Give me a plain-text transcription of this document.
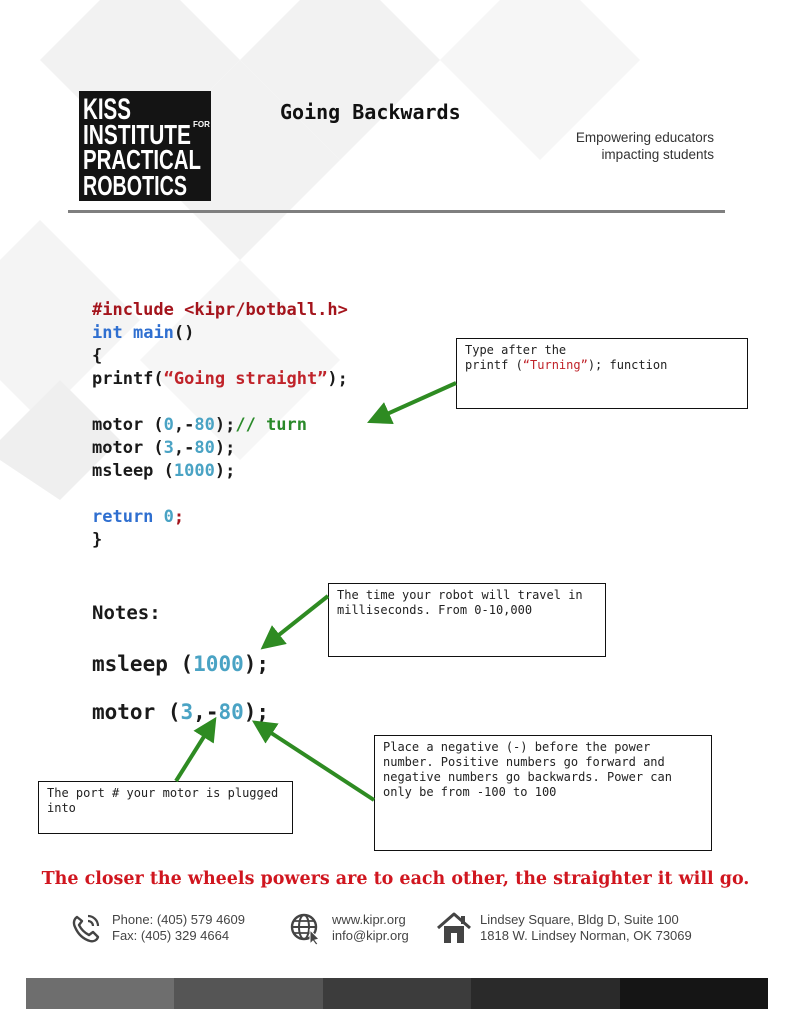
KISS
INSTITUTE FOR
PRACTICAL
ROBOTICS
Going Backwards
Empowering educators
impacting students
#include <kipr/botball.h>
int main()
{
printf(“Going straight”);
motor (0,-80);// turn
motor (3,-80);
msleep (1000);
return 0;
}
Notes:
msleep (1000);
motor (3,-80);
Type after the
printf (“Turning”); function
The time your robot will travel in milliseconds. From 0-10,000
The port # your motor is plugged into
Place a negative (-) before the power number. Positive numbers go forward and negative numbers go backwards. Power can only be from -100 to 100
The closer the wheels powers are to each other, the straighter it will go.
Phone: (405) 579 4609
Fax: (405) 329 4664
www.kipr.org
info@kipr.org
Lindsey Square, Bldg D, Suite 100
1818 W. Lindsey Norman, OK 73069
